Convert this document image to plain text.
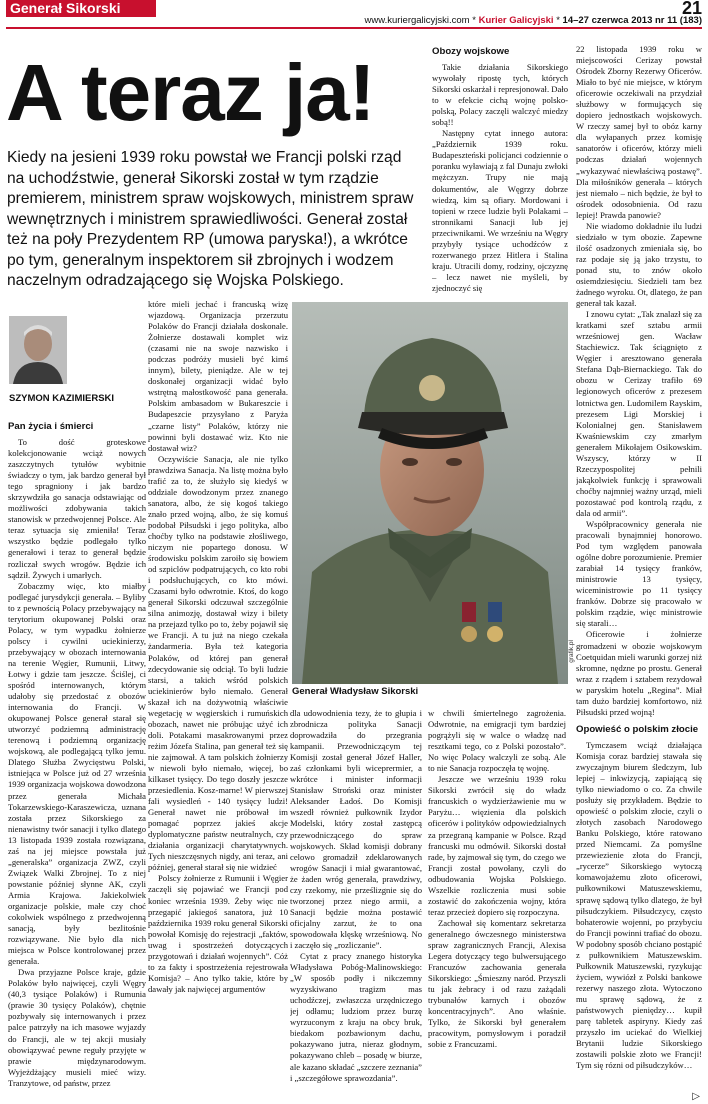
Generał Sikorski	21
www.kuriergalicyjski.com * Kurier Galicyjski * 14–27 czerwca 2013 nr 11 (183)
A teraz ja!
Kiedy na jesieni 1939 roku powstał we Francji polski rząd na uchodźstwie, generał Sikorski został w tym rządzie premierem, ministrem spraw wojskowych, ministrem spraw wewnętrznych i ministrem sprawiedliwości. Generał został też na poły Prezydentem RP (umowa paryska!), a wkrótce po tym, generalnym inspektorem sił zbrojnych i wodzem naczelnym odradzającego się Wojska Polskiego.
SZYMON KAZIMIERSKI
Pan życia i śmierci

To dość groteskowe kolekcjonowanie wciąż nowych zaszczytnych tytułów wybitnie świadczy o tym, jak bardzo generał był tego spragniony i jak bardzo skrzywdziła go sanacja odstawiając od możliwości zdobywania takich stanowisk w przedwojennej Polsce. Ale teraz sytuacja się zmieniła! Teraz wszystko będzie podlegało tylko generałowi i teraz to generał będzie rozliczał swych wrogów. Będzie ich sądził. Żywych i umarłych.

Zobaczmy więc, kto miałby podlegać jurysdykcji generała. – Byliby to z pewnością Polacy przebywający na terytorium okupowanej Polski oraz Polacy, w tym wypadku żołnierze polscy i cywilni uciekinierzy, przebywający w obozach internowania na terenie Węgier, Rumunii, Litwy, Łotwy i gdzie tam jeszcze. Ściślej, ci spośród internowanych, którym udałoby się przedostać z obozów internowania do Francji. W okupowanej Polsce generał starał się utworzyć podziemną administrację terenową i podziemną organizację wojskową, ale podlegającą tylko jemu. Dlatego Służba Zwycięstwu Polski, istniejąca w Polsce już od 27 września 1939 organizacja wojskowa dowodzona przez generała Michała Tokarzewskiego-Karaszewicza, uznana została przez Sikorskiego za nienawistny twór sanacji i tylko dlatego 13 listopada 1939 została rozwiązana, zaś na jej miejsce powstała już „generalska” organizacja ZWZ, czyli Związek Walki Zbrojnej. To z niej powstanie później słynne AK, czyli Armia Krajowa. Jakiekolwiek organizacje polskie, małe czy choć cokolwiek wspólnego z przedwojenną sanacją, były bezlitośnie rozwiązywane. Nie było dla nich miejsca w Polsce kontrolowanej przez generała.

Dwa przyjazne Polsce kraje, gdzie Polaków było najwięcej, czyli Węgry (40,3 tysiące Polaków) i Rumunia (prawie 30 tysięcy Polaków), chętnie pozbywały się internowanych i przez palce patrzyły na ich masowe wyjazdy do Francji, ale w tej akcji musiały obowiązywać pewne reguły przyjęte w prawie międzynarodowym. Wyjeżdżający musieli mieć wizy. Tranzytowe, od państw, przez

które mieli jechać i francuską wizę wjazdową. Organizacja przerzutu Polaków do Francji działała doskonale. Żołnierze dostawali komplet wiz (czasami nie na swoje nazwisko i podczas podróży musieli być kimś innym), bilety, pieniądze. Ale w tej doskonałej organizacji widać było wstrętną małostkowość pana generała. Polskim ambasadom w Bukareszcie i Budapeszcie przysyłano z Paryża „czarne listy” Polaków, którzy nie powinni byli dostawać wiz. Kto nie dostawał wiz?

Oczywiście Sanacja, ale nie tylko prawdziwa Sanacja. Na listę można było trafić za to, że służyło się kiedyś w oddziale dowodzonym przez znanego sanatora, albo, że się kogoś takiego znało przed wojną, albo, że się komuś podobał Piłsudski i jego polityka, albo choćby tylko na podstawie złośliwego, niczym nie popartego donosu. W środowisku polskim zaroiło się bowiem od szpiclów podpatrujących, co kto robi i podsłuchujących, co kto mówi. Czasami było odwrotnie. Ktoś, do kogo generał Sikorski odczuwał szczególnie silna animozję, dostawał wizy i bilety na przejazd tylko po to, żeby pojawił się we Francji. A tu już na niego czekała żandarmeria. Była też kategoria Polaków, od której pan generał zdecydowanie się odciął. To byli ludzie starsi, a takich wśród polskich uciekinierów było niemało. Generał skazał ich na dożywotnią właściwie wegetację w węgierskich i rumuńskich obozach, nawet nie próbując użyć ich doli. Potakami masakrowanymi przez reżim Józefa Stalina, pan generał też się nie zajmował. A tam polskich żołnierzy w niewoli było niemało, więcej, bo kilkaset tysięcy. Do tego doszły jeszcze przesiedlenia. Kosz-marne! W pierwszej fali wysiedleń - 140 tysięcy ludzi! Generał nawet nie próbował im pomagać poprzez jakieś akcje dyplomatyczne państw neutralnych, czy działania organizacji charytatywnych. Tych nieszczęsnych nigdy, ani teraz, ani później, generał starał się nie widzieć

Polscy żołnierze z Rumunii i Węgier zaczęli się pojawiać we Francji pod koniec września 1939. Żeby więc nie przegapić jakiegoś sanatora, już 10 października 1939 roku generał Sikorski powołał Komisję do rejestracji „faktów, uwag i spostrzeżeń dotyczących przygotowań i działań wojennych”. Cóż to za fakty i spostrzeżenia rejestrowała Komisja? – Ano tylko takie, które by dawały jak najwięcej argumentów

Obozy wojskowe

Takie działania Sikorskiego wywołały ripostę tych, których Sikorski oskarżał i represjonował. Dało to w efekcie cichą wojnę polsko-polską, Polacy zaczęli walczyć miedzy sobą!!

Następny cytat innego autora: „Październik 1939 roku. Budapeszteński policjanci codziennie o poranku wyławiają z fal Dunaju zwłoki mężczyzn. Trupy nie mają dokumentów, ale Węgrzy dobrze wiedzą, kim są ofiary. Mordowani i topieni w rzece ludzie byli Polakami – stronnikami Sanacji lub jej przeciwnikami. We wrześniu na Węgry przybyły tysiące uchodźców z rozerwanego przez Hitlera i Stalina kraju. Utracili domy, rodziny, ojczyznę – lecz nawet nie myśleli, by zjednoczyć się

Generał Władysław Sikorski
grafik.pl

dla udowodnienia tezy, że to głupia i zbrodnicza polityka Sanacji doprowadziła do przegrania kampanii. Przewodniczącym tej Komisji został generał Józef Haller, zaś członkami byli wiceprermier, a wkrótce i minister informacji Stanisław Stroński oraz minister Aleksander Ładoś. Do Komisji wszedł również pułkownik Izydor Modelski, który został zastępcą przewodniczącego do spraw wojskowych. Skład komisji dobrany celowo gromadził zdeklarowanych wrogów Sanacji i miał gwarantować, że żaden wróg generała, prawdziwy, czy rzekomy, nie prześlizgnie się do tworzonej przez niego armii, a Sanacji będzie można postawić oficjalny zarzut, że to ona spowodowała klęskę wrześniową. No i zaczęło się „rozliczanie”.

Cytat z pracy znanego historyka Władysława Pobóg-Malinowskiego: „W sposób podły i nikczemny wyzyskiwano tragizm mas uchodźczej, zwłaszcza urzędniczego jej odłamu; ludziom przez burzę wyrzuconym z kraju na obcy bruk, biedakom pozbawionym dachu, pokazywano jutra, nieraz głodnym, pokazywano chleb – posadę w biurze, ale kazano składać „szczere zeznania” i „szczegółowe sprawozdania”.

w chwili śmiertelnego zagrożenia. Odwrotnie, na emigracji tym bardziej pogrążyli się w walce o władzę nad resztkami tego, co z Polski pozostało”. No więc Polacy walczyli ze sobą. Ale to nie Sanacja rozpoczęła tę wojnę.

Jeszcze we wrześniu 1939 roku Sikorski zwrócił się do władz francuskich o wydzierżawienie mu w Paryżu… więzienia dla polskich oficerów i polityków odpowiedzialnych za przegraną kampanie w Polsce. Rząd francuski mu odmówił. Sikorski dostał rade, by zajmował się tym, do czego we Francji został powołany, czyli do odbudowania Wojska Polskiego. Wszelkie rozliczenia musi sobie zostawić do zakończenia wojny, która teraz przecież dopiero się rozpoczyna.

Zachował się komentarz sekretarza generalnego ówczesnego ministerstwa spraw zagranicznych Francji, Alexisa Legera dotyczący tego bulwersującego Francuzów zachowania generała Sikorskiego: „Śmieszny naród. Przyszli tu jak żebracy i od razu zażądali trybunałów karnych i obozów koncentracyjnych”. Ano właśnie. Tylko, że Sikorski był generałem pracowitym, pomysłowym i poradził sobie z Francuzami.

22 listopada 1939 roku w miejscowości Cerizay powstał Ośrodek Zborny Rezerwy Oficerów. Miało to być nie miejsce, w którym oficerowie oczekiwali na przydział służbowy w formujących się dopiero jednostkach wojskowych. W rzeczy samej był to obóz karny dla wyłapanych przez komisję sanatorów i oficerów, którzy mieli podczas działań wojennych „wykazywać niewłaściwą postawę”. Dla miłośników generała – których jest niemało – nich będzie, że był to ośrodek odosobnienia. Od razu lepiej! Prawda panowie?

Nie wiadomo dokładnie ilu ludzi siedziało w tym obozie. Zapewne ilość osadzonych zmieniała się, bo raz podaje się ją jako trzystu, to ponad stu, to znów około osiemdziesięciu. Siedzieli tam bez żadnego wyroku. Ot, dlatego, że pan generał tak kazał.

I znowu cytat: „Tak znalazł się za kratkami szef sztabu armii wrześniowej gen. Wacław Stachiewicz. Tak ściągnięto z Węgier i aresztowano generała Stefana Dąb-Biernackiego. Tak do obozu w Cerizay trafiło 69 legionowych oficerów z prezesem lotnictwa gen. Ludomilem Rayskim, prezesem Ligi Morskiej i Kolonialnej gen. Stanisławem Kwaśniewskim czy zmarłym generałem Mikołajem Osikowskim. Wszyscy, którzy w II Rzeczypospolitej pełnili jakąkolwiek funkcję i sprawowali choćby najmniej ważny urząd, mieli pozostawać pod kontrolą rządu, z dala od armii”.

Współpracownicy generała nie pracowali bynajmniej honorowo. Pod tym względem panowała ogólne dobre porozumienie. Premier zarabiał 14 tysięcy franków, ministrowie 13 tysięcy, wiceministrowie po 11 tysięcy franków. Dobrze się pracowało w polskim rządzie, więc ministrowie się starali…

Oficerowie i żołnierze gromadzeni w obozie wojskowym Coetquidan mieli warunki gorzej niż skromne, nędzne po prostu. Generał wraz z rządem i sztabem rezydował w paryskim hotelu „Regina”. Miał tam dużo bardziej komfortowo, niż Piłsudski przed wojną!

Opowieść o polskim złocie

Tymczasem wciąż działająca Komisja coraz bardziej stawała się zwyczajnym biurem śledczym, lub lepiej – inkwizycją, zapiającą się tylko niewiadomo o co. Za chwile posłuży się przykładem. Będzie to opowieść o polskim złocie, czyli o złotych zasobach Narodowego Banku Polskiego, które ratowano przed Niemcami. Za pomyślne przewiezienie złota do Francji, „rycerze” Sikorskiego wytoczą komawojażemu złoto oficerowi, pułkownikowi Matuszewskiemu, sprawę sądową tylko dlatego, że był piłsudczykiem. Piłsudczycy, często bohaterowie wojenni, po przybyciu do Francji powinni trafiać do obozu. W podobny sposób chciano postąpić z pułkownikiem Matuszewskim. Pułkownik Matuszewski, ryzykując życiem, wywiózł z Polski bankowe rezerwy naszego złota. Wytoczono mu sprawę sądową, że z państwowych pieniędzy… kupił parę tabletek aspiryny. Kiedy zaś przyszło im uciekać do Wielkiej Brytanii ludzie Sikorskiego zostawili polskie złoto we Francji! Tym się rózni od piłsudczyków…

▷
